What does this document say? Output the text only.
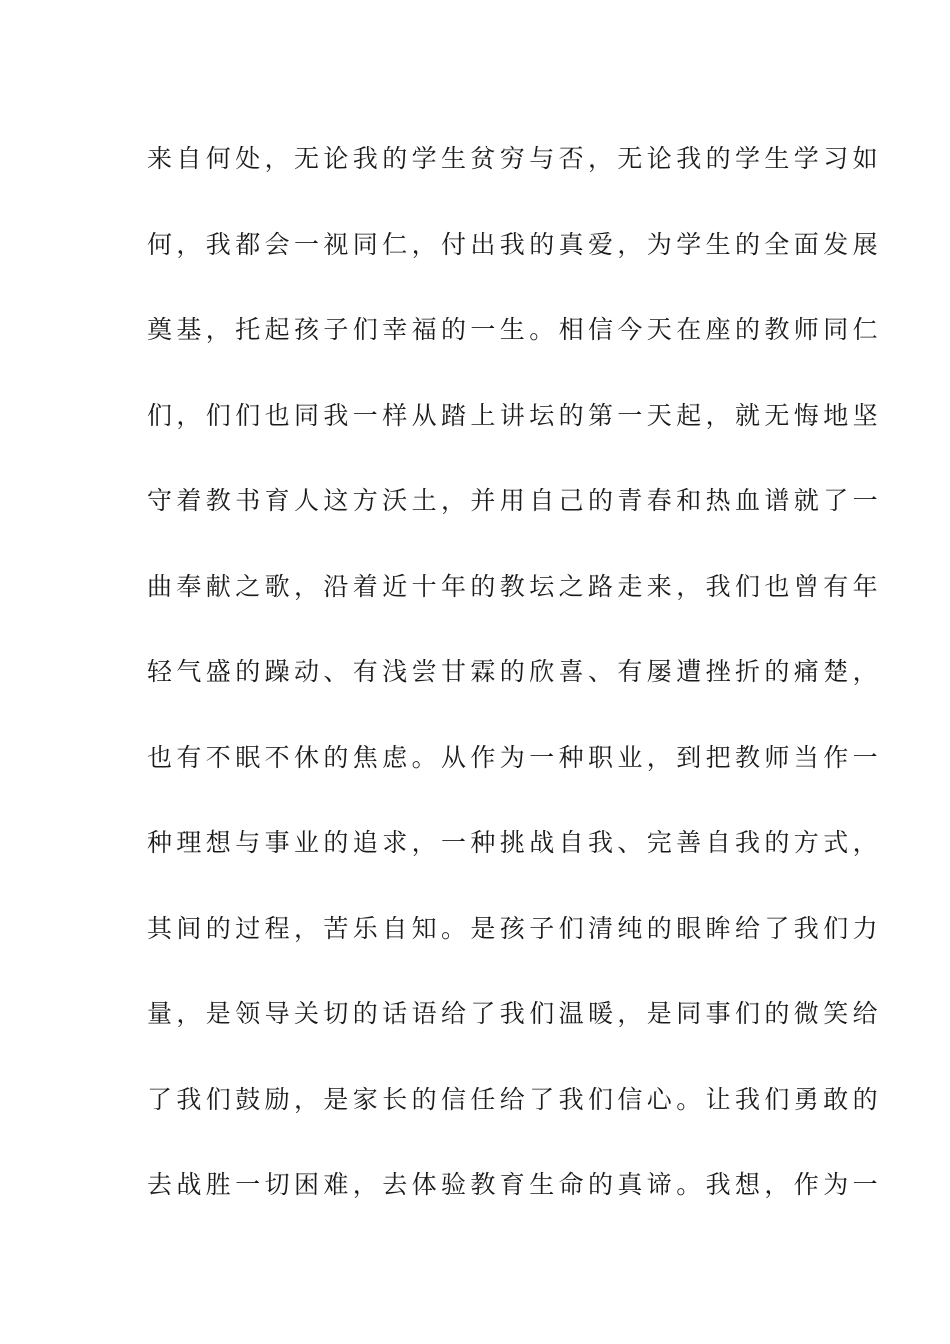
来自何处，无论我的学生贫穷与否，无论我的学生学习如
何，我都会一视同仁，付出我的真爱，为学生的全面发展
奠基，托起孩子们幸福的一生。相信今天在座的教师同仁
们，们们也同我一样从踏上讲坛的第一天起，就无悔地坚
守着教书育人这方沃土，并用自己的青春和热血谱就了一
曲奉献之歌，沿着近十年的教坛之路走来，我们也曾有年
轻气盛的躁动、有浅尝甘霖的欣喜、有屡遭挫折的痛楚，
也有不眠不休的焦虑。从作为一种职业，到把教师当作一
种理想与事业的追求，一种挑战自我、完善自我的方式，
其间的过程，苦乐自知。是孩子们清纯的眼眸给了我们力
量，是领导关切的话语给了我们温暖，是同事们的微笑给
了我们鼓励，是家长的信任给了我们信心。让我们勇敢的
去战胜一切困难，去体验教育生命的真谛。我想，作为一
